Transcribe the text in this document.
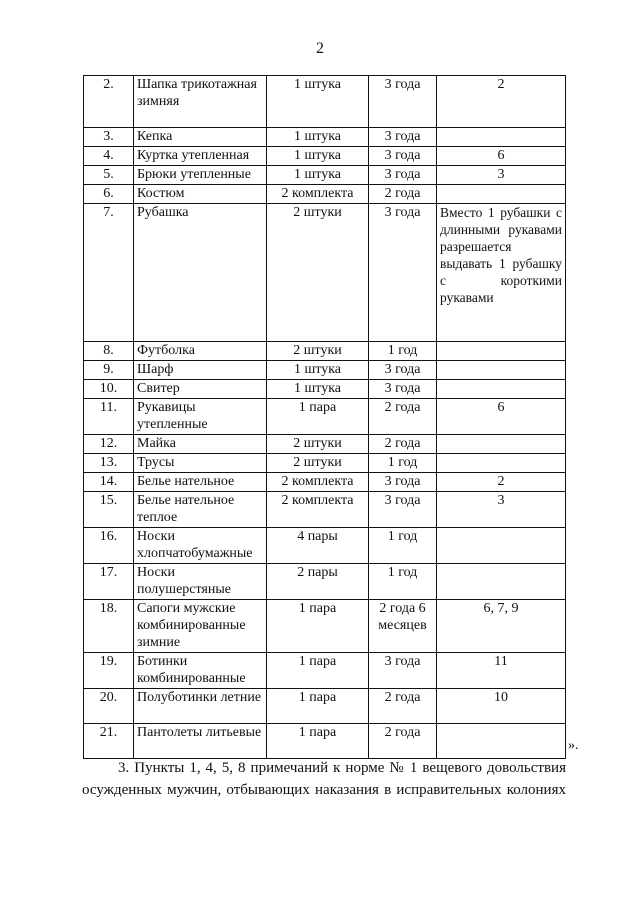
2
2.	Шапка трикотажная зимняя	1 штука	3 года	2
3.	Кепка	1 штука	3 года	
4.	Куртка утепленная	1 штука	3 года	6
5.	Брюки утепленные	1 штука	3 года	3
6.	Костюм	2 комплекта	2 года	
7.	Рубашка	2 штуки	3 года	Вместо 1 рубашки с длинными рукавами разрешается выдавать 1 рубашку с короткими рукавами
8.	Футболка	2 штуки	1 год	
9.	Шарф	1 штука	3 года	
10.	Свитер	1 штука	3 года	
11.	Рукавицы утепленные	1 пара	2 года	6
12.	Майка	2 штуки	2 года	
13.	Трусы	2 штуки	1 год	
14.	Белье нательное	2 комплекта	3 года	2
15.	Белье нательное теплое	2 комплекта	3 года	3
16.	Носки хлопчатобумажные	4 пары	1 год	
17.	Носки полушерстяные	2 пары	1 год	
18.	Сапоги мужские комбинированные зимние	1 пара	2 года 6 месяцев	6, 7, 9
19.	Ботинки комбинированные	1 пара	3 года	11
20.	Полуботинки летние	1 пара	2 года	10
21.	Пантолеты литьевые	1 пара	2 года	
».
3. Пункты 1, 4, 5, 8 примечаний к норме № 1 вещевого довольствия
осужденных мужчин, отбывающих наказания в исправительных колониях
